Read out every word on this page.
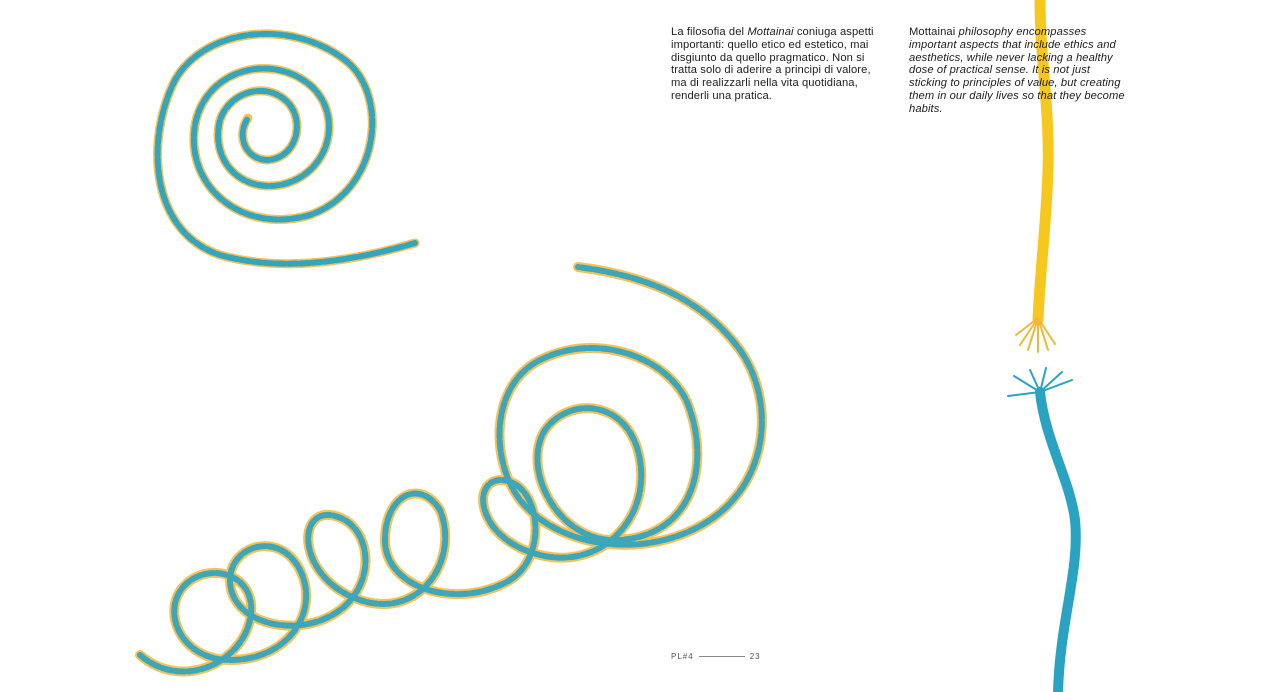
La filosofia del Mottainai coniuga aspetti
importanti: quello etico ed estetico, mai
disgiunto da quello pragmatico. Non si
tratta solo di aderire a principi di valore,
ma di realizzarli nella vita quotidiana,
renderli una pratica.
Mottainai philosophy encompasses
important aspects that include ethics and
aesthetics, while never lacking a healthy
dose of practical sense. It is not just
sticking to principles of value, but creating
them in our daily lives so that they become
habits.
PL#4	23
